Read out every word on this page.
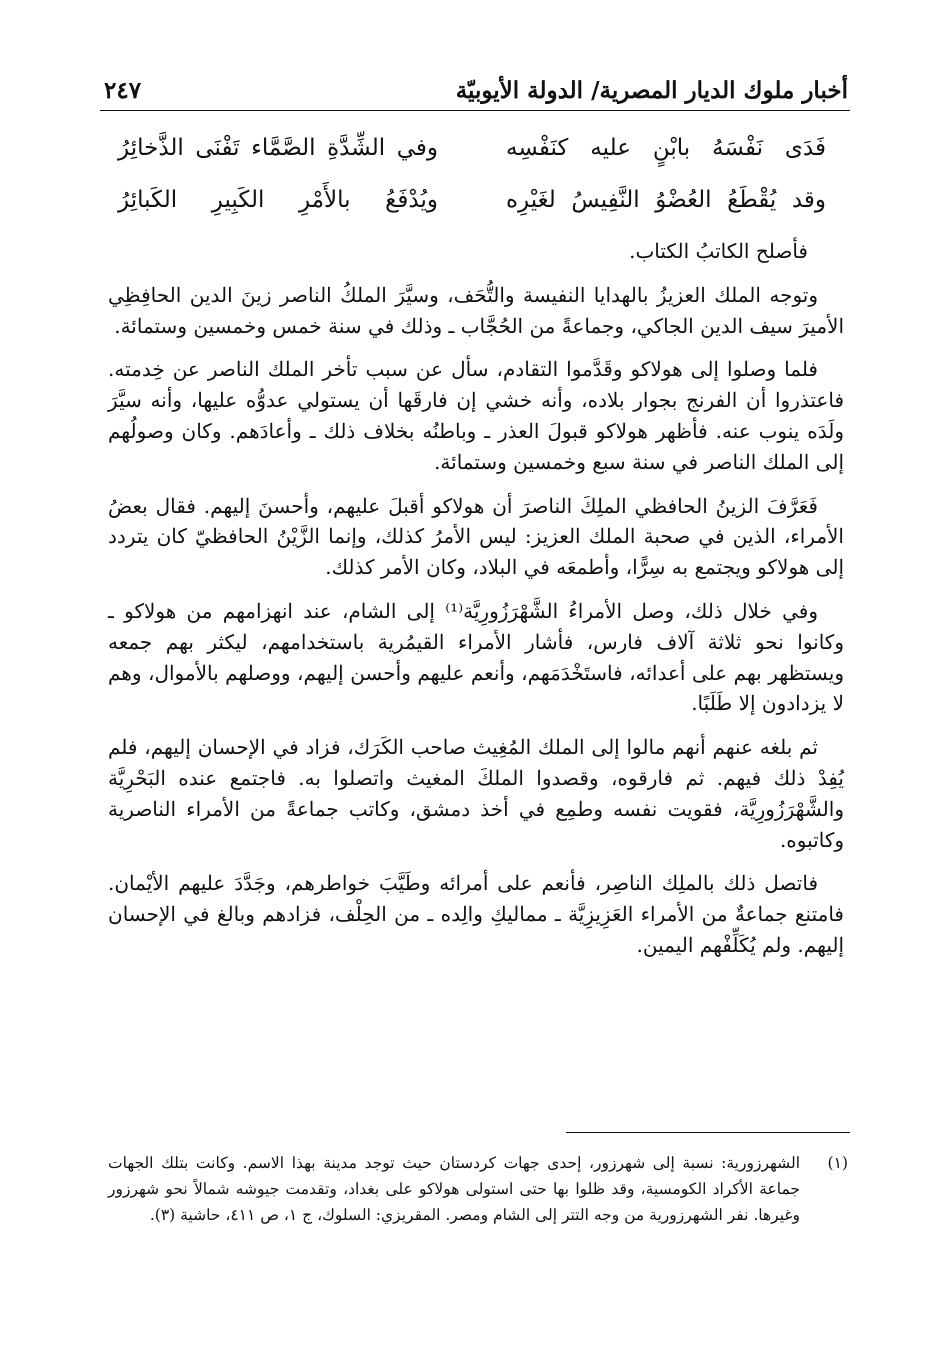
أخبار ملوك الديار المصرية/ الدولة الأيوبيّة
٢٤٧
فَدَى نَفْسَهُ بابْنٍ عليه كنَفْسِه
وفي الشِّدَّةِ الصَّمَّاء تَفْنَى الذَّخائِرُ
وقد يُقْطَعُ العُضْوُ النَّفِيسُ لغَيْرِه
ويُدْفَعُ بالأَمْرِ الكَبِيرِ الكَبائِرُ

فأصلح الكاتبُ الكتاب.

وتوجه الملك العزيزُ بالهدايا النفيسة والتُّحَف، وسيَّرَ الملكُ الناصر زينَ الدين الحافِظِي الأميرَ سيف الدين الجاكي، وجماعةً من الحُجَّاب ـ وذلك في سنة خمس وخمسين وستمائة.

فلما وصلوا إلى هولاكو وقَدَّموا التقادم، سأل عن سبب تأخر الملك الناصر عن خِدمته. فاعتذروا أن الفرنج بجوار بلاده، وأنه خشي إن فارقَها أن يستولي عدوُّه عليها، وأنه سيَّرَ ولَدَه ينوب عنه. فأظهر هولاكو قبولَ العذر ـ وباطنُه بخلاف ذلك ـ وأعادَهم. وكان وصولُهم إلى الملك الناصر في سنة سبع وخمسين وستمائة.

فَعَرَّفَ الزينُ الحافظي الملِكَ الناصرَ أن هولاكو أقبلَ عليهم، وأحسنَ إليهم. فقال بعضُ الأمراء، الذين في صحبة الملك العزيز: ليس الأمرُ كذلك، وإنما الزَّيْنُ الحافظيّ كان يتردد إلى هولاكو ويجتمع به سِرًّا، وأطمعَه في البلاد، وكان الأمر كذلك.

وفي خلال ذلك، وصل الأمراءُ الشَّهْرَزُورِيَّة⁽¹⁾ إلى الشام، عند انهزامهم من هولاكو ـ وكانوا نحو ثلاثة آلاف فارس، فأشار الأمراء القيمُرية باستخدامهم، ليكثر بهم جمعه ويستظهر بهم على أعدائه، فاستَخْدَمَهم، وأنعم عليهم وأحسن إليهم، ووصلهم بالأموال، وهم لا يزدادون إلا طَلَبًا.

ثم بلغه عنهم أنهم مالوا إلى الملك المُغِيث صاحب الكَرَك، فزاد في الإحسان إليهم، فلم يُفِدْ ذلك فيهم. ثم فارقوه، وقصدوا الملكَ المغيث واتصلوا به. فاجتمع عنده البَحْرِيَّة والشَّهْرَزُورِيَّة، فقويت نفسه وطمِع في أخذ دمشق، وكاتب جماعةً من الأمراء الناصرية وكاتبوه.

فاتصل ذلك بالملِك الناصِر، فأنعم على أمرائه وطَيَّبَ خواطرهم، وجَدَّدَ عليهم الأيْمان. فامتنع جماعةٌ من الأمراء العَزِيزِيَّة ـ مماليكِ والِده ـ من الحِلْف، فزادهم وبالغ في الإحسان إليهم. ولم يُكَلِّفْهم اليمين.

(١)
الشهرزورية: نسبة إلى شهرزور، إحدى جهات كردستان حيث توجد مدينة بهذا الاسم. وكانت بتلك الجهات جماعة الأكراد الكومسية، وقد ظلوا بها حتى استولى هولاكو على بغداد، وتقدمت جيوشه شمالاً نحو شهرزور وغيرها. نفر الشهرزورية من وجه التتر إلى الشام ومصر. المقريزي: السلوك، ج ١، ص ٤١١، حاشية (٣).
